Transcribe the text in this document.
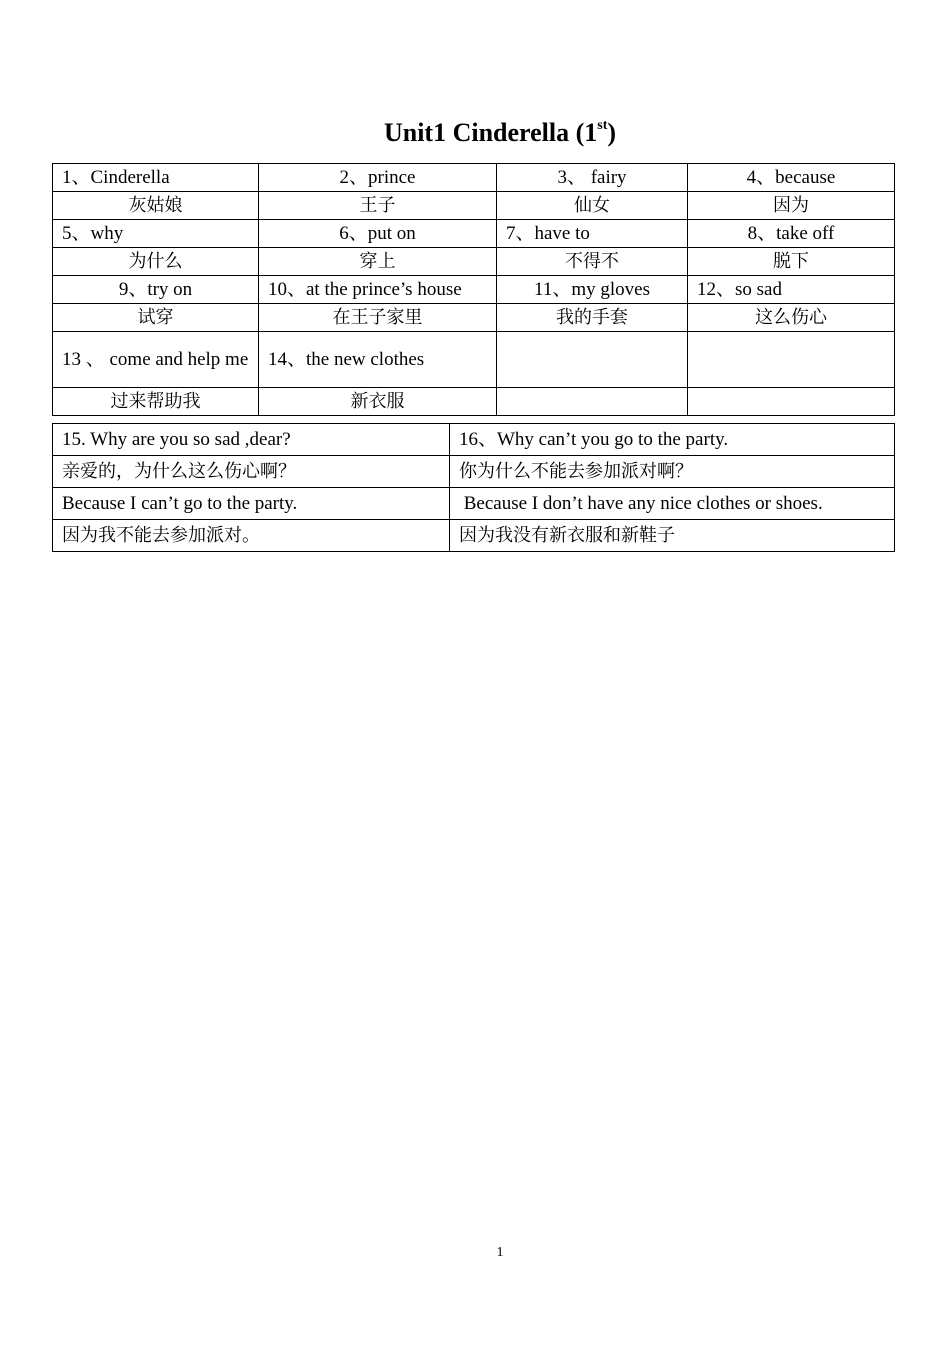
Unit1 Cinderella (1st)
1、Cinderella	2、prince	3、 fairy	4、because
灰姑娘	王子	仙女	因为
5、why	6、put on	7、have to	8、take off
为什么	穿上	不得不	脱下
9、try on	10、at the prince’s house	11、my gloves	12、so sad
试穿	在王子家里	我的手套	这么伤心
13 、 come and help me	14、the new clothes		
过来帮助我	新衣服		
15. Why are you so sad ,dear?	16、Why can’t you go to the party.
亲爱的，为什么这么伤心啊？	你为什么不能去参加派对啊？
Because I can’t go to the party.	Because I don’t have any nice clothes or shoes.
因为我不能去参加派对。	因为我没有新衣服和新鞋子
1
